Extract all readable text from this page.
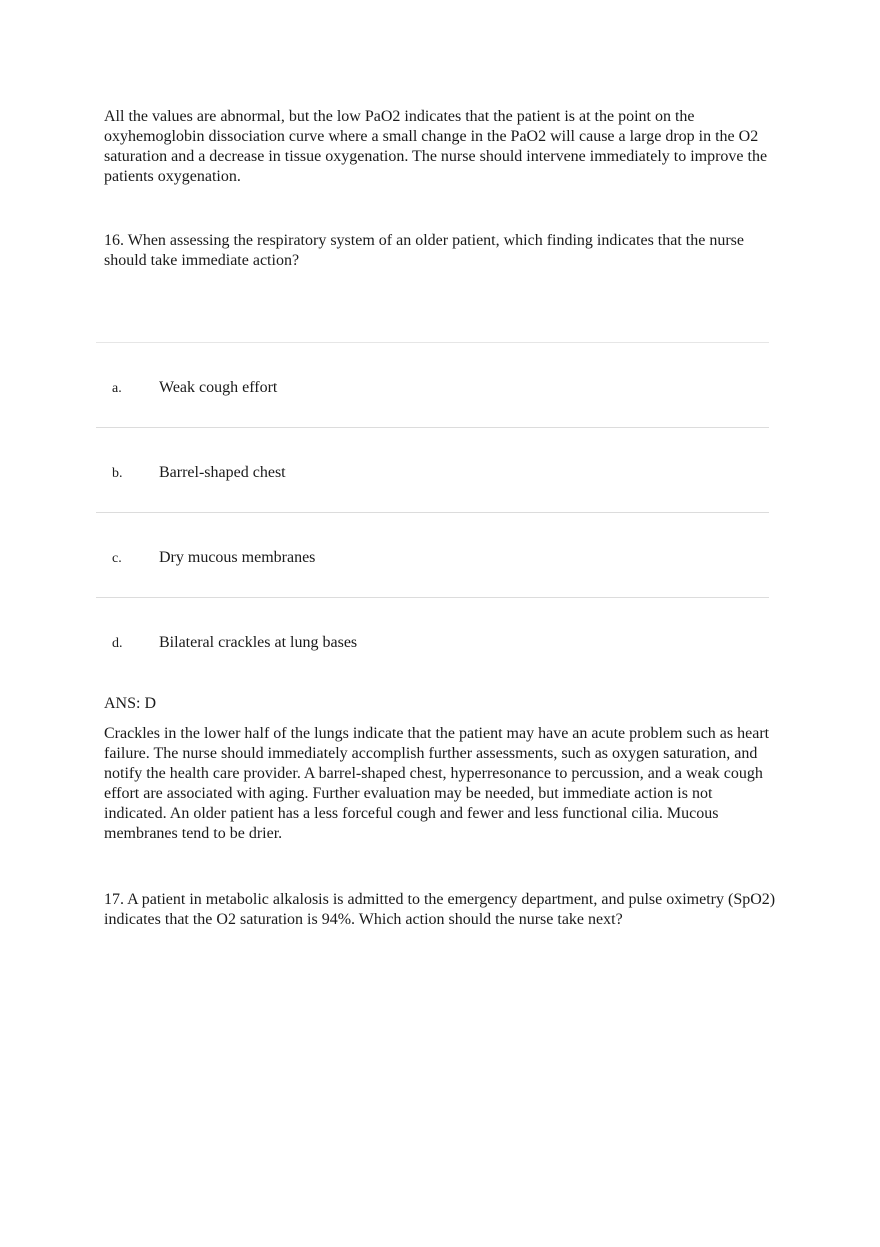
All the values are abnormal, but the low PaO2 indicates that the patient is at the point on the oxyhemoglobin dissociation curve where a small change in the PaO2 will cause a large drop in the O2 saturation and a decrease in tissue oxygenation. The nurse should intervene immediately to improve the patients oxygenation.

16. When assessing the respiratory system of an older patient, which finding indicates that the nurse should take immediate action?

a. Weak cough effort
b. Barrel-shaped chest
c. Dry mucous membranes
d. Bilateral crackles at lung bases

ANS: D

Crackles in the lower half of the lungs indicate that the patient may have an acute problem such as heart failure. The nurse should immediately accomplish further assessments, such as oxygen saturation, and notify the health care provider. A barrel-shaped chest, hyperresonance to percussion, and a weak cough effort are associated with aging. Further evaluation may be needed, but immediate action is not indicated. An older patient has a less forceful cough and fewer and less functional cilia. Mucous membranes tend to be drier.

17. A patient in metabolic alkalosis is admitted to the emergency department, and pulse oximetry (SpO2) indicates that the O2 saturation is 94%. Which action should the nurse take next?
